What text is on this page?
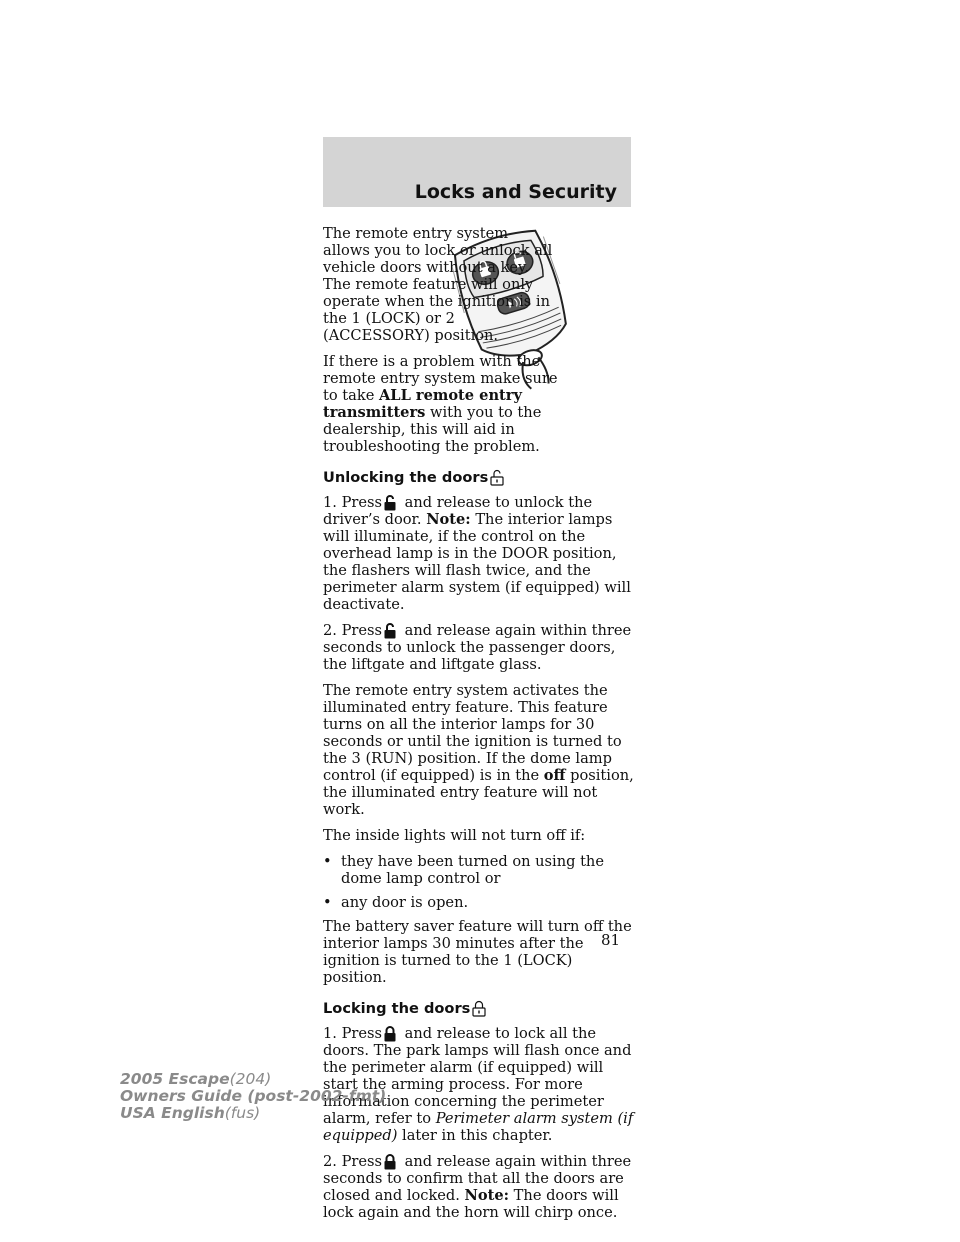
Locks and Security

The remote entry system allows you to lock or unlock all vehicle doors without a key. The remote feature will only operate when the ignition is in the 1 (LOCK) or 2 (ACCESSORY) position.

If there is a problem with the remote entry system make sure to take ALL remote entry transmitters with you to the dealership, this will aid in troubleshooting the problem.

Unlocking the doors

1. Press and release to unlock the driver’s door. Note: The interior lamps will illuminate, if the control on the overhead lamp is in the DOOR position, the flashers will flash twice, and the perimeter alarm system (if equipped) will deactivate.

2. Press and release again within three seconds to unlock the passenger doors, the liftgate and liftgate glass.

The remote entry system activates the illuminated entry feature. This feature turns on all the interior lamps for 30 seconds or until the ignition is turned to the 3 (RUN) position. If the dome lamp control (if equipped) is in the off position, the illuminated entry feature will not work.

The inside lights will not turn off if:

• they have been turned on using the dome lamp control or
• any door is open.

The battery saver feature will turn off the interior lamps 30 minutes after the ignition is turned to the 1 (LOCK) position.

Locking the doors

1. Press and release to lock all the doors. The park lamps will flash once and the perimeter alarm (if equipped) will start the arming process. For more information concerning the perimeter alarm, refer to Perimeter alarm system (if equipped) later in this chapter.

2. Press and release again within three seconds to confirm that all the doors are closed and locked. Note: The doors will lock again and the horn will chirp once.

81
2005 Escape(204)
Owners Guide (post-2002-fmt)
USA English(fus)
